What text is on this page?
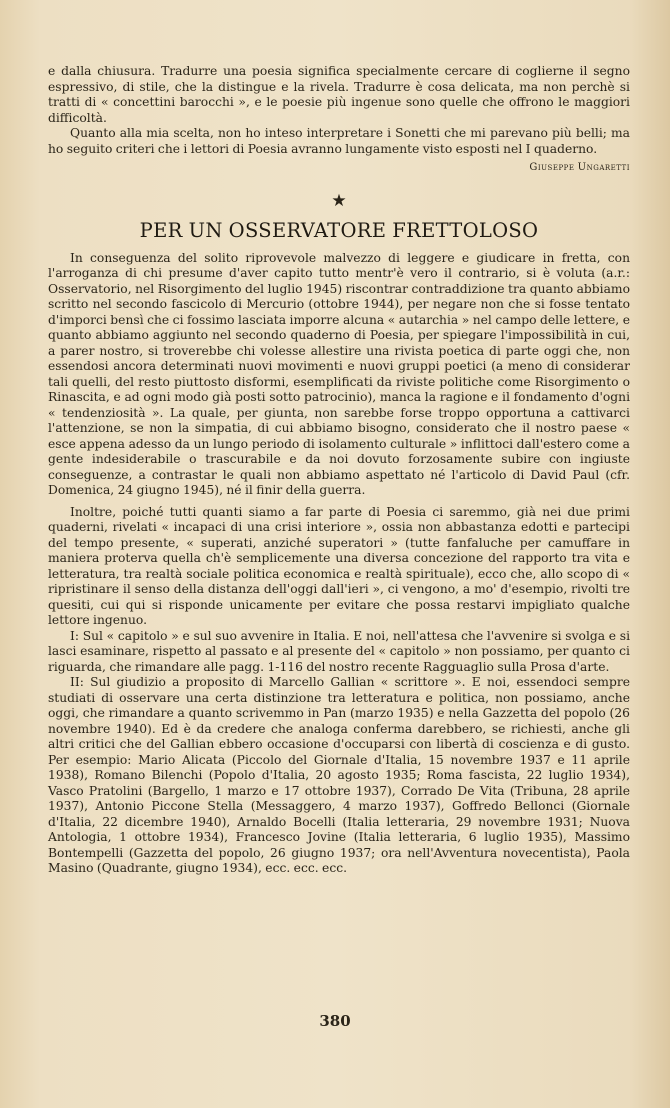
e dalla chiusura. Tradurre una poesia significa specialmente cercare di coglierne il segno espressivo, di stile, che la distingue e la rivela. Tradurre è cosa delicata, ma non perchè si tratti di « concettini barocchi », e le poesie più ingenue sono quelle che offrono le maggiori difficoltà.

Quanto alla mia scelta, non ho inteso interpretare i Sonetti che mi parevano più belli; ma ho seguito criteri che i lettori di Poesia avranno lungamente visto esposti nel I quaderno.

Giuseppe Ungaretti
★
PER UN OSSERVATORE FRETTOLOSO

In conseguenza del solito riprovevole malvezzo di leggere e giudicare in fretta, con l'arroganza di chi presume d'aver capito tutto mentr'è vero il contrario, si è voluta (a.r.: Osservatorio, nel Risorgimento del luglio 1945) riscontrar contraddizione tra quanto abbiamo scritto nel secondo fascicolo di Mercurio (ottobre 1944), per negare non che si fosse tentato d'imporci bensì che ci fossimo lasciata imporre alcuna « autarchia » nel campo delle lettere, e quanto abbiamo aggiunto nel secondo quaderno di Poesia, per spiegare l'impossibilità in cui, a parer nostro, si troverebbe chi volesse allestire una rivista poetica di parte oggi che, non essendosi ancora determinati nuovi movimenti e nuovi gruppi poetici (a meno di considerar tali quelli, del resto piuttosto disformi, esemplificati da riviste politiche come Risorgimento o Rinascita, e ad ogni modo già posti sotto patrocinio), manca la ragione e il fondamento d'ogni « tendenziosità ». La quale, per giunta, non sarebbe forse troppo opportuna a cattivarci l'attenzione, se non la simpatia, di cui abbiamo bisogno, considerato che il nostro paese « esce appena adesso da un lungo periodo di isolamento culturale » inflittoci dall'estero come a gente indesiderabile o trascurabile e da noi dovuto forzosamente subire con ingiuste conseguenze, a contrastar le quali non abbiamo aspettato né l'articolo di David Paul (cfr. Domenica, 24 giugno 1945), né il finir della guerra.

Inoltre, poiché tutti quanti siamo a far parte di Poesia ci saremmo, già nei due primi quaderni, rivelati « incapaci di una crisi interiore », ossia non abbastanza edotti e partecipi del tempo presente, « superati, anziché superatori » (tutte fanfaluche per camuffare in maniera proterva quella ch'è semplicemente una diversa concezione del rapporto tra vita e letteratura, tra realtà sociale politica economica e realtà spirituale), ecco che, allo scopo di « ripristinare il senso della distanza dell'oggi dall'ieri », ci vengono, a mo' d'esempio, rivolti tre quesiti, cui qui si risponde unicamente per evitare che possa restarvi impigliato qualche lettore ingenuo.

I: Sul « capitolo » e sul suo avvenire in Italia. E noi, nell'attesa che l'avvenire si svolga e si lasci esaminare, rispetto al passato e al presente del « capitolo » non possiamo, per quanto ci riguarda, che rimandare alle pagg. 1-116 del nostro recente Ragguaglio sulla Prosa d'arte.

II: Sul giudizio a proposito di Marcello Gallian « scrittore ». E noi, essendoci sempre studiati di osservare una certa distinzione tra letteratura e politica, non possiamo, anche oggi, che rimandare a quanto scrivemmo in Pan (marzo 1935) e nella Gazzetta del popolo (26 novembre 1940). Ed è da credere che analoga conferma darebbero, se richiesti, anche gli altri critici che del Gallian ebbero occasione d'occuparsi con libertà di coscienza e di gusto. Per esempio: Mario Alicata (Piccolo del Giornale d'Italia, 15 novembre 1937 e 11 aprile 1938), Romano Bilenchi (Popolo d'Italia, 20 agosto 1935; Roma fascista, 22 luglio 1934), Vasco Pratolini (Bargello, 1 marzo e 17 ottobre 1937), Corrado De Vita (Tribuna, 28 aprile 1937), Antonio Piccone Stella (Messaggero, 4 marzo 1937), Goffredo Bellonci (Giornale d'Italia, 22 dicembre 1940), Arnaldo Bocelli (Italia letteraria, 29 novembre 1931; Nuova Antologia, 1 ottobre 1934), Francesco Jovine (Italia letteraria, 6 luglio 1935), Massimo Bontempelli (Gazzetta del popolo, 26 giugno 1937; ora nell'Avventura novecentista), Paola Masino (Quadrante, giugno 1934), ecc. ecc. ecc.

380
